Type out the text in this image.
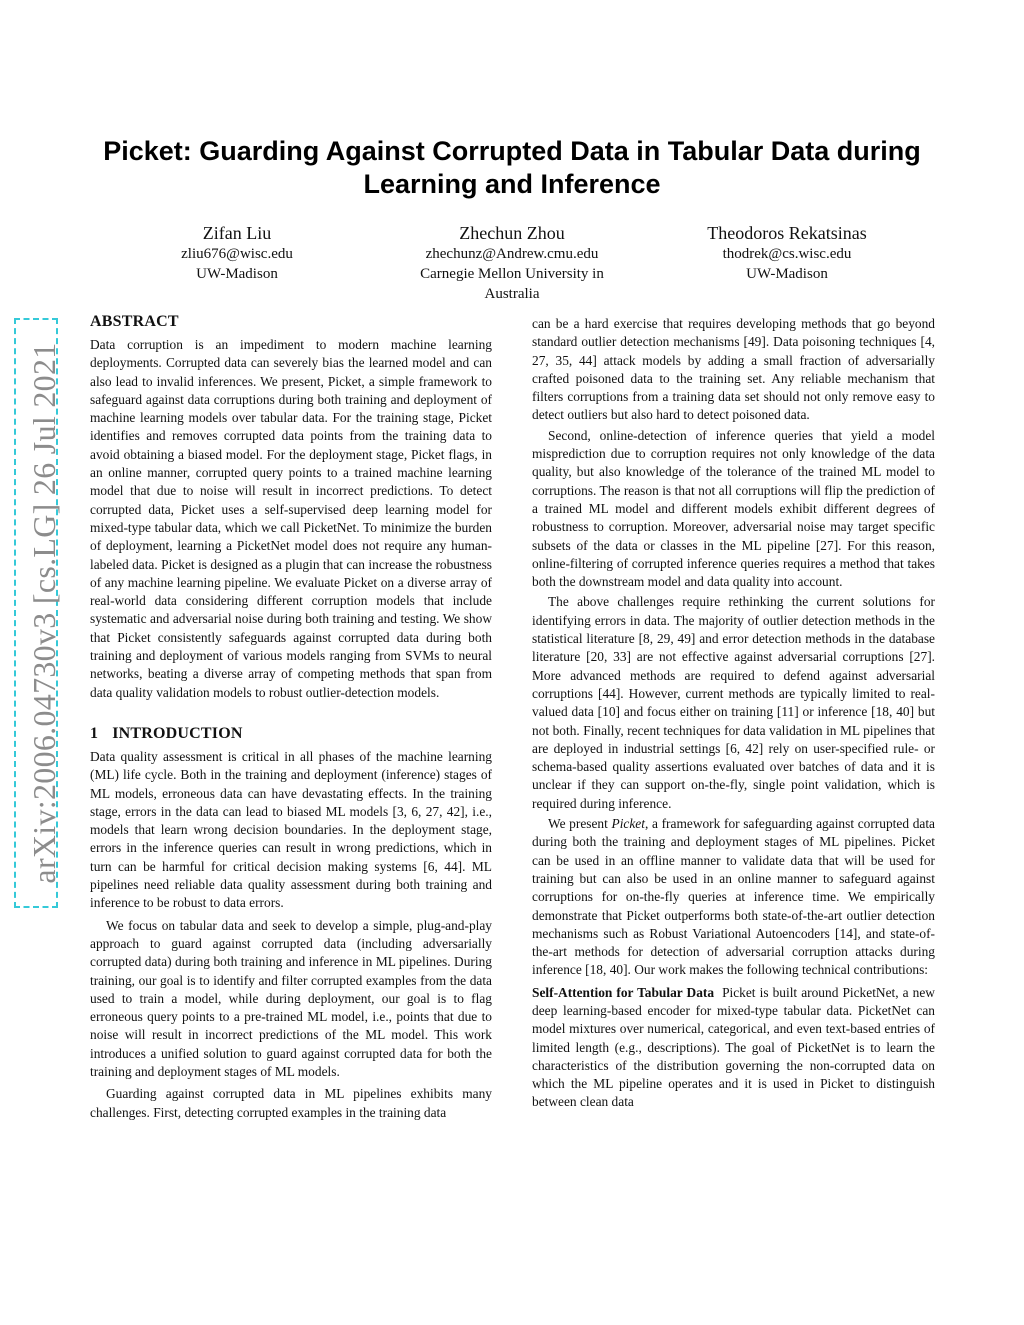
arXiv:2006.04730v3 [cs.LG] 26 Jul 2021
Picket: Guarding Against Corrupted Data in Tabular Data during Learning and Inference
Zifan Liu
zliu676@wisc.edu
UW-Madison
Zhechun Zhou
zhechunz@Andrew.cmu.edu
Carnegie Mellon University in
Australia
Theodoros Rekatsinas
thodrek@cs.wisc.edu
UW-Madison
ABSTRACT

Data corruption is an impediment to modern machine learning deployments. Corrupted data can severely bias the learned model and can also lead to invalid inferences. We present, Picket, a simple framework to safeguard against data corruptions during both training and deployment of machine learning models over tabular data. For the training stage, Picket identifies and removes corrupted data points from the training data to avoid obtaining a biased model. For the deployment stage, Picket flags, in an online manner, corrupted query points to a trained machine learning model that due to noise will result in incorrect predictions. To detect corrupted data, Picket uses a self-supervised deep learning model for mixed-type tabular data, which we call PicketNet. To minimize the burden of deployment, learning a PicketNet model does not require any human-labeled data. Picket is designed as a plugin that can increase the robustness of any machine learning pipeline. We evaluate Picket on a diverse array of real-world data considering different corruption models that include systematic and adversarial noise during both training and testing. We show that Picket consistently safeguards against corrupted data during both training and deployment of various models ranging from SVMs to neural networks, beating a diverse array of competing methods that span from data quality validation models to robust outlier-detection models.

1 INTRODUCTION

Data quality assessment is critical in all phases of the machine learning (ML) life cycle. Both in the training and deployment (inference) stages of ML models, erroneous data can have devastating effects. In the training stage, errors in the data can lead to biased ML models [3, 6, 27, 42], i.e., models that learn wrong decision boundaries. In the deployment stage, errors in the inference queries can result in wrong predictions, which in turn can be harmful for critical decision making systems [6, 44]. ML pipelines need reliable data quality assessment during both training and inference to be robust to data errors.

We focus on tabular data and seek to develop a simple, plug-and-play approach to guard against corrupted data (including adversarially corrupted data) during both training and inference in ML pipelines. During training, our goal is to identify and filter corrupted examples from the data used to train a model, while during deployment, our goal is to flag erroneous query points to a pre-trained ML model, i.e., points that due to noise will result in incorrect predictions of the ML model. This work introduces a unified solution to guard against corrupted data for both the training and deployment stages of ML models.

Guarding against corrupted data in ML pipelines exhibits many challenges. First, detecting corrupted examples in the training data

can be a hard exercise that requires developing methods that go beyond standard outlier detection mechanisms [49]. Data poisoning techniques [4, 27, 35, 44] attack models by adding a small fraction of adversarially crafted poisoned data to the training set. Any reliable mechanism that filters corruptions from a training data set should not only remove easy to detect outliers but also hard to detect poisoned data.

Second, online-detection of inference queries that yield a model misprediction due to corruption requires not only knowledge of the data quality, but also knowledge of the tolerance of the trained ML model to corruptions. The reason is that not all corruptions will flip the prediction of a trained ML model and different models exhibit different degrees of robustness to corruption. Moreover, adversarial noise may target specific subsets of the data or classes in the ML pipeline [27]. For this reason, online-filtering of corrupted inference queries requires a method that takes both the downstream model and data quality into account.

The above challenges require rethinking the current solutions for identifying errors in data. The majority of outlier detection methods in the statistical literature [8, 29, 49] and error detection methods in the database literature [20, 33] are not effective against adversarial corruptions [27]. More advanced methods are required to defend against adversarial corruptions [44]. However, current methods are typically limited to real-valued data [10] and focus either on training [11] or inference [18, 40] but not both. Finally, recent techniques for data validation in ML pipelines that are deployed in industrial settings [6, 42] rely on user-specified rule- or schema-based quality assertions evaluated over batches of data and it is unclear if they can support on-the-fly, single point validation, which is required during inference.

We present Picket, a framework for safeguarding against corrupted data during both the training and deployment stages of ML pipelines. Picket can be used in an offline manner to validate data that will be used for training but can also be used in an online manner to safeguard against corruptions for on-the-fly queries at inference time. We empirically demonstrate that Picket outperforms both state-of-the-art outlier detection mechanisms such as Robust Variational Autoencoders [14], and state-of-the-art methods for detection of adversarial corruption attacks during inference [18, 40]. Our work makes the following technical contributions:

Self-Attention for Tabular Data Picket is built around PicketNet, a new deep learning-based encoder for mixed-type tabular data. PicketNet can model mixtures over numerical, categorical, and even text-based entries of limited length (e.g., descriptions). The goal of PicketNet is to learn the characteristics of the distribution governing the non-corrupted data on which the ML pipeline operates and it is used in Picket to distinguish between clean data
